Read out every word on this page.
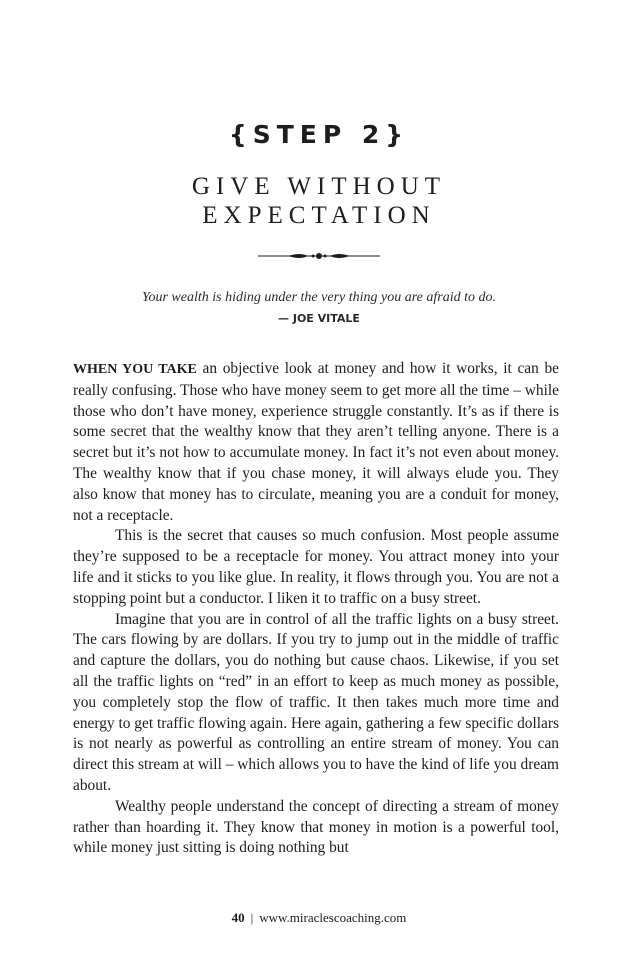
{STEP 2}
GIVE WITHOUT
EXPECTATION
Your wealth is hiding under the very thing you are afraid to do.
— JOE VITALE

WHEN YOU TAKE an objective look at money and how it works, it can be really confusing. Those who have money seem to get more all the time – while those who don’t have money, experience struggle constantly. It’s as if there is some secret that the wealthy know that they aren’t telling anyone. There is a secret but it’s not how to accumulate money. In fact it’s not even about money. The wealthy know that if you chase money, it will always elude you. They also know that money has to circulate, meaning you are a conduit for money, not a receptacle.

This is the secret that causes so much confusion. Most people assume they’re supposed to be a receptacle for money. You attract money into your life and it sticks to you like glue. In reality, it flows through you. You are not a stopping point but a conductor. I liken it to traffic on a busy street.

Imagine that you are in control of all the traffic lights on a busy street. The cars flowing by are dollars. If you try to jump out in the middle of traffic and capture the dollars, you do nothing but cause chaos. Likewise, if you set all the traffic lights on “red” in an effort to keep as much money as possible, you completely stop the flow of traffic. It then takes much more time and energy to get traffic flowing again. Here again, gathering a few specific dollars is not nearly as powerful as controlling an entire stream of money. You can direct this stream at will – which allows you to have the kind of life you dream about.

Wealthy people understand the concept of directing a stream of money rather than hoarding it. They know that money in motion is a powerful tool, while money just sitting is doing nothing but

40 | www.miraclescoaching.com
